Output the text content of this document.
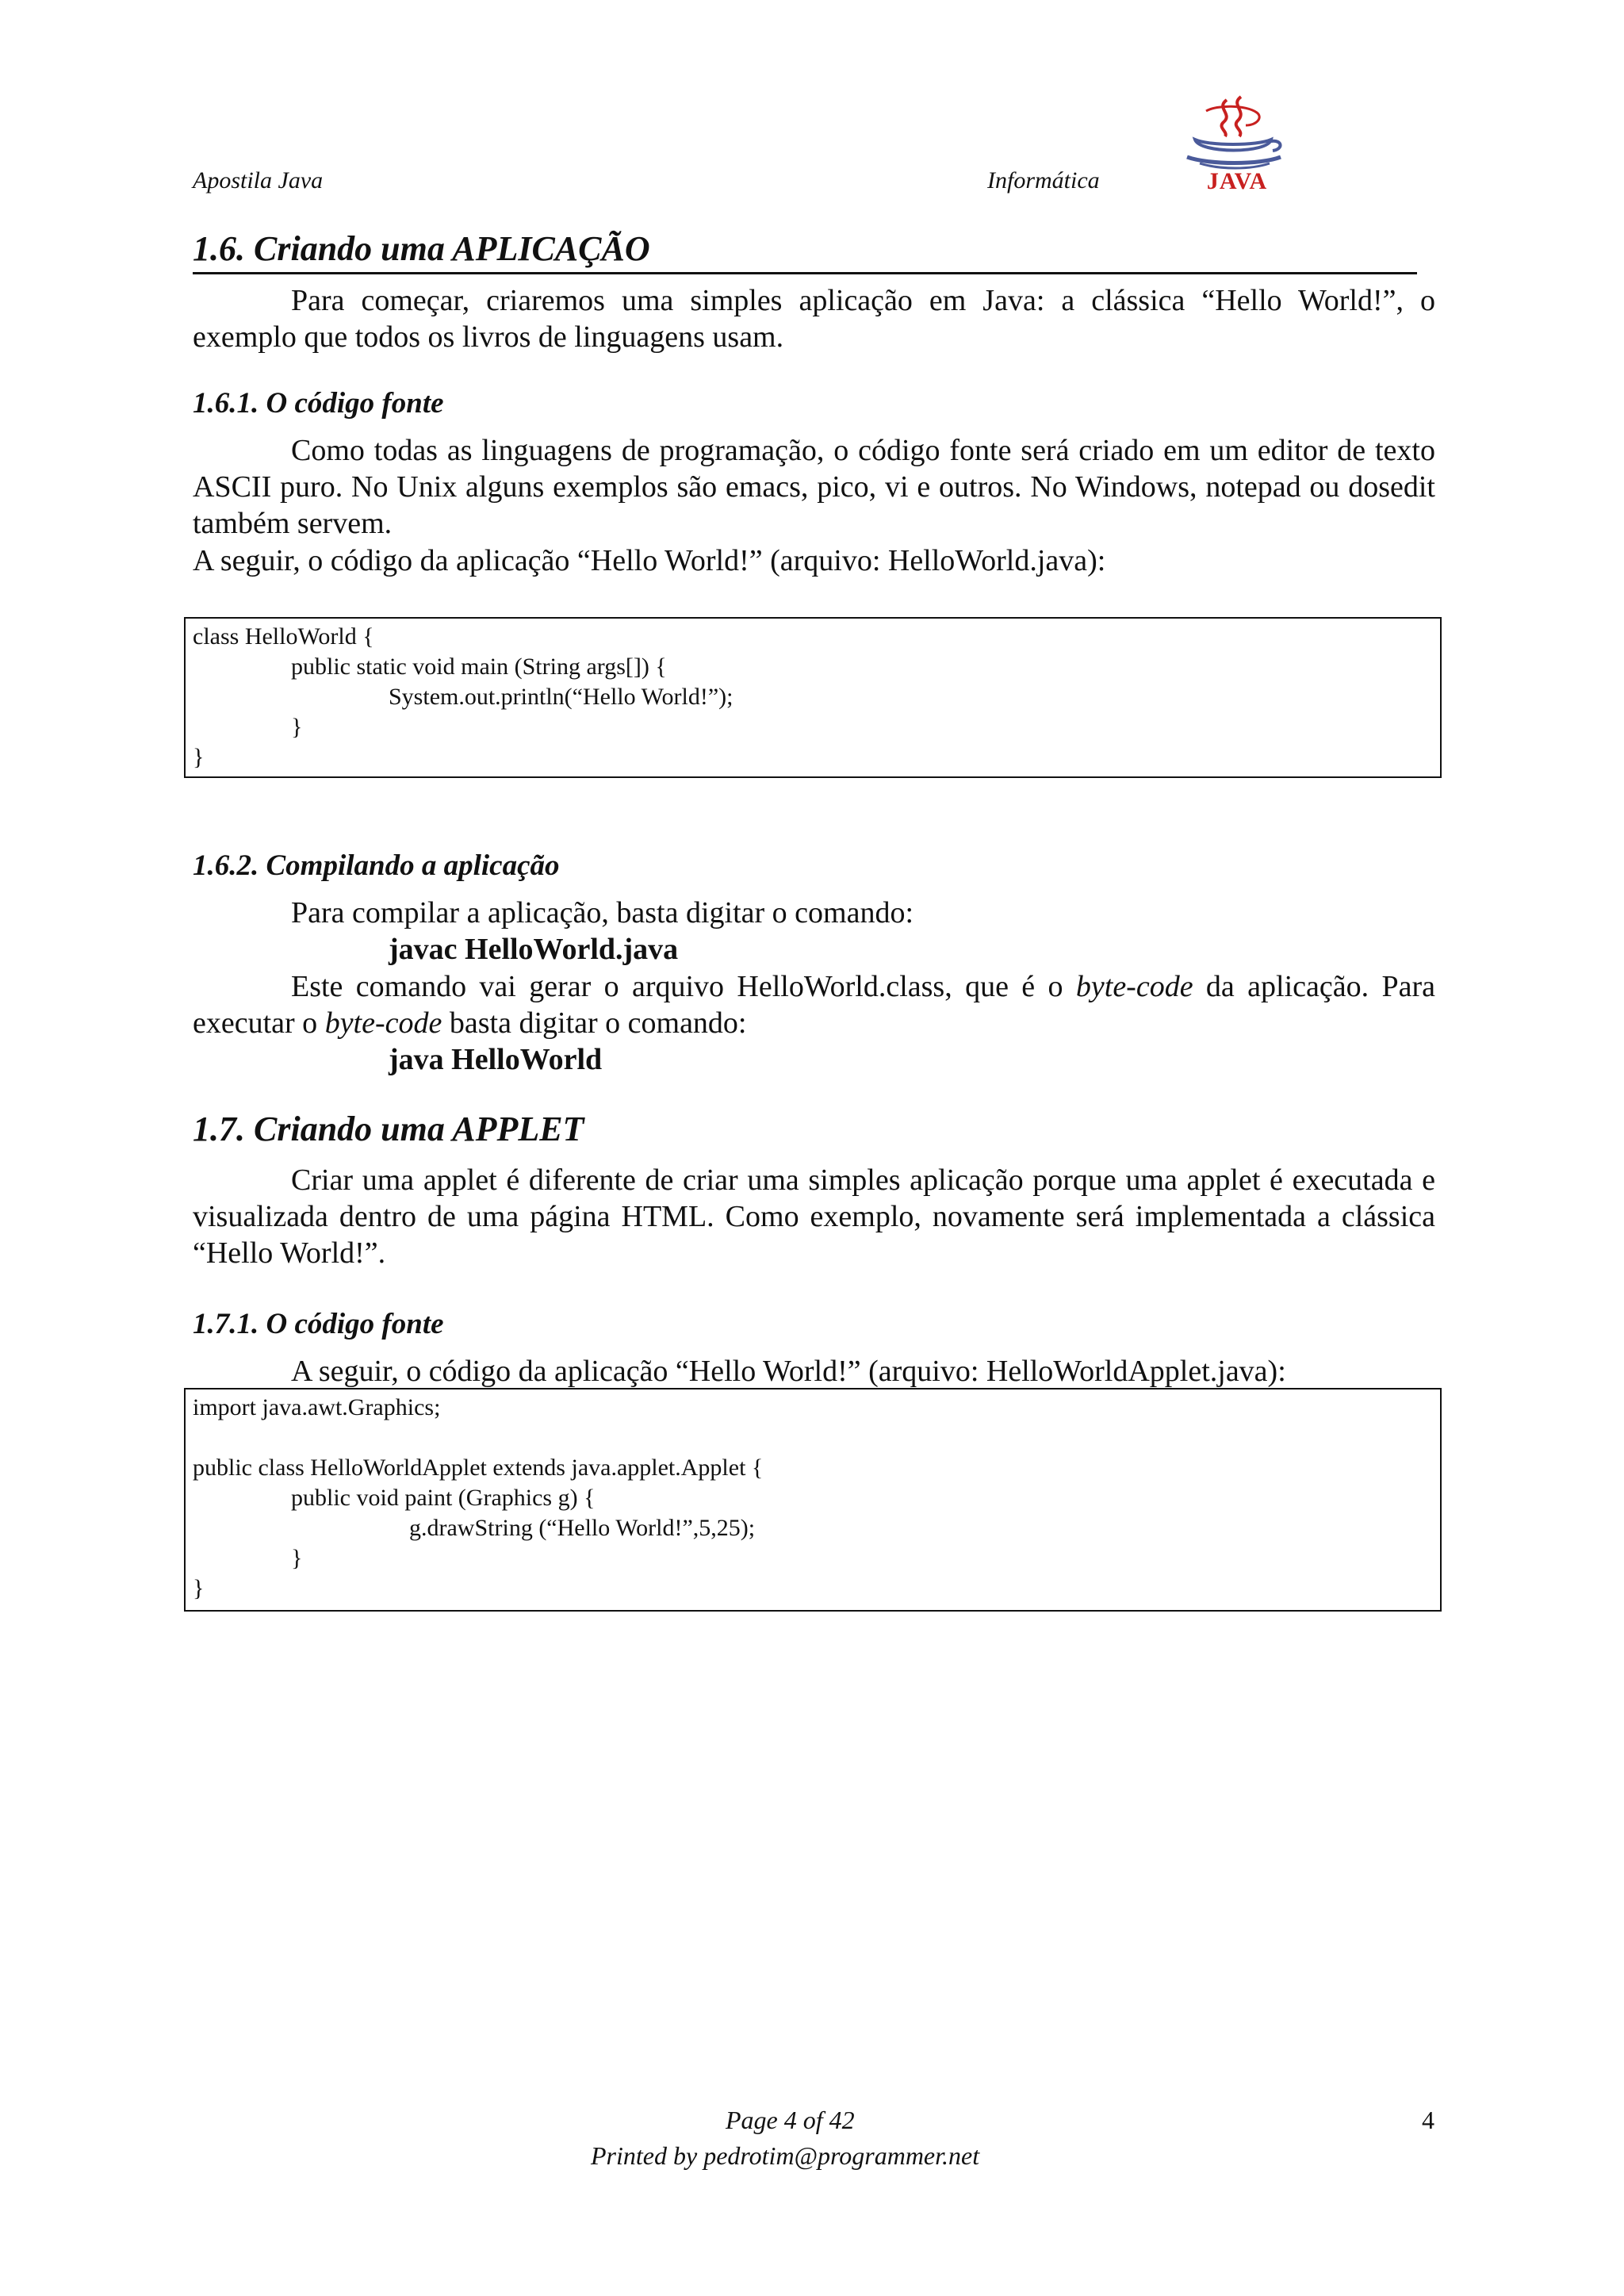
Apostila Java	Informática	JAVA
1.6. Criando uma APLICAÇÃO
Para começar, criaremos uma simples aplicação em Java: a clássica “Hello World!”, o exemplo que todos os livros de linguagens usam.
1.6.1. O código fonte
Como todas as linguagens de programação, o código fonte será criado em um editor de texto ASCII puro. No Unix alguns exemplos são emacs, pico, vi e outros. No Windows, notepad ou dosedit também servem.
A seguir, o código da aplicação “Hello World!” (arquivo: HelloWorld.java):
class HelloWorld {
public static void main (String args[]) {
System.out.println(“Hello World!”);
}
}
1.6.2. Compilando a aplicação
Para compilar a aplicação, basta digitar o comando:
javac HelloWorld.java
Este comando vai gerar o arquivo HelloWorld.class, que é o byte-code da aplicação. Para executar o byte-code basta digitar o comando:
java HelloWorld
1.7. Criando uma APPLET
Criar uma applet é diferente de criar uma simples aplicação porque uma applet é executada e visualizada dentro de uma página HTML. Como exemplo, novamente será implementada a clássica “Hello World!”.
1.7.1. O código fonte
A seguir, o código da aplicação “Hello World!” (arquivo: HelloWorldApplet.java):
import java.awt.Graphics;
public class HelloWorldApplet extends java.applet.Applet {
public void paint (Graphics g) {
g.drawString (“Hello World!”,5,25);
}
}
Page 4 of 42
Printed by pedrotim@programmer.net
4
